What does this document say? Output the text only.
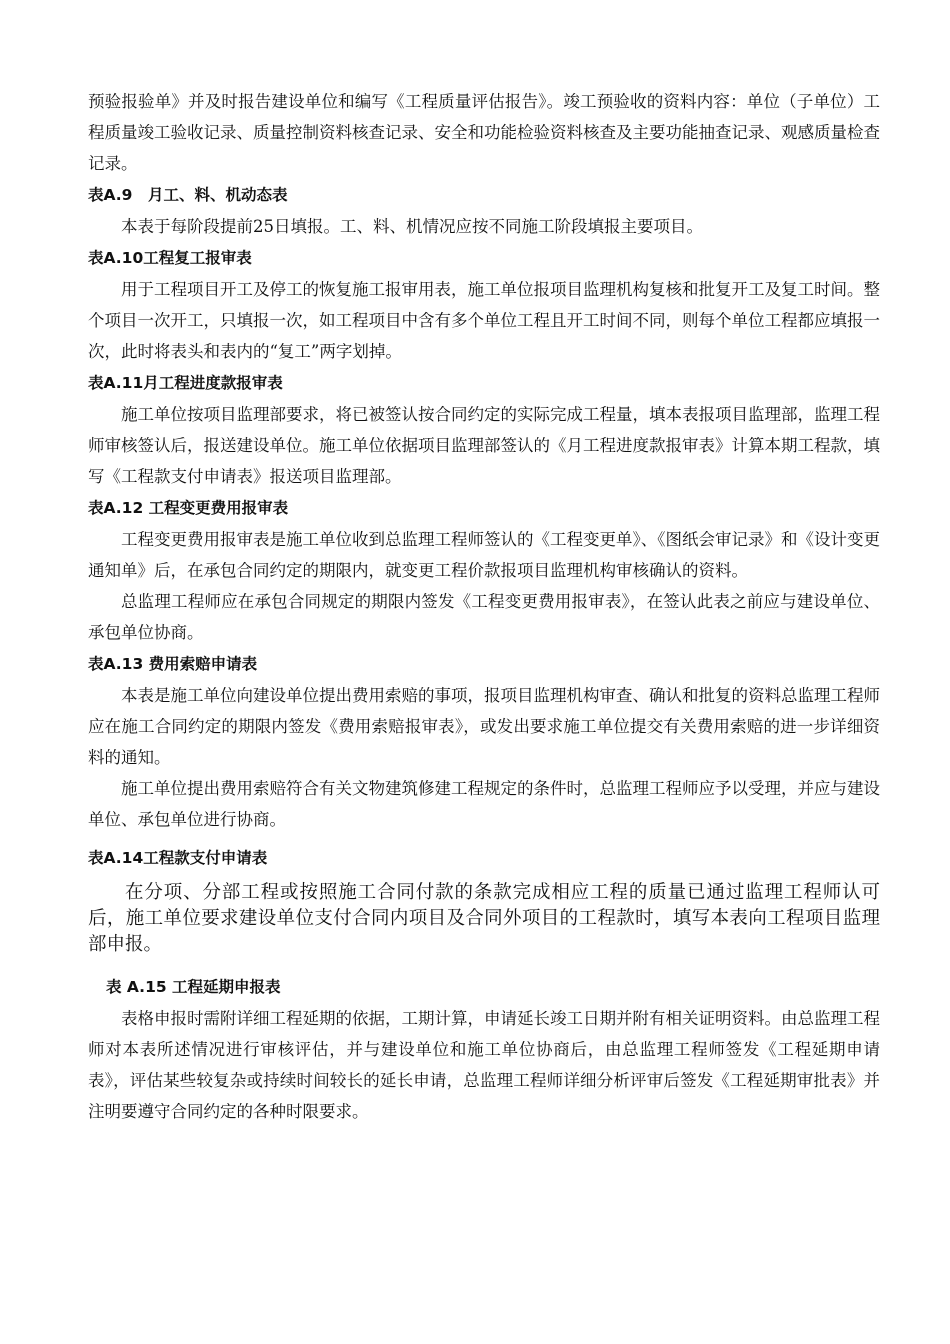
预验报验单》并及时报告建设单位和编写《工程质量评估报告》。竣工预验收的资料内容：单位（子单位）工程质量竣工验收记录、质量控制资料核查记录、安全和功能检验资料核查及主要功能抽查记录、观感质量检查记录。

表A.9　月工、料、机动态表

本表于每阶段提前25日填报。工、料、机情况应按不同施工阶段填报主要项目。

表A.10工程复工报审表

用于工程项目开工及停工的恢复施工报审用表，施工单位报项目监理机构复核和批复开工及复工时间。整个项目一次开工，只填报一次，如工程项目中含有多个单位工程且开工时间不同，则每个单位工程都应填报一次，此时将表头和表内的“复工”两字划掉。

表A.11月工程进度款报审表

施工单位按项目监理部要求，将已被签认按合同约定的实际完成工程量，填本表报项目监理部，监理工程师审核签认后，报送建设单位。施工单位依据项目监理部签认的《月工程进度款报审表》计算本期工程款，填写《工程款支付申请表》报送项目监理部。

表A.12 工程变更费用报审表

工程变更费用报审表是施工单位收到总监理工程师签认的《工程变更单》、《图纸会审记录》和《设计变更通知单》后，在承包合同约定的期限内，就变更工程价款报项目监理机构审核确认的资料。

总监理工程师应在承包合同规定的期限内签发《工程变更费用报审表》，在签认此表之前应与建设单位、承包单位协商。

表A.13 费用索赔申请表

本表是施工单位向建设单位提出费用索赔的事项，报项目监理机构审查、确认和批复的资料总监理工程师应在施工合同约定的期限内签发《费用索赔报审表》，或发出要求施工单位提交有关费用索赔的进一步详细资料的通知。

施工单位提出费用索赔符合有关文物建筑修建工程规定的条件时，总监理工程师应予以受理，并应与建设单位、承包单位进行协商。

表A.14工程款支付申请表

在分项、分部工程或按照施工合同付款的条款完成相应工程的质量已通过监理工程师认可后，施工单位要求建设单位支付合同内项目及合同外项目的工程款时，填写本表向工程项目监理部申报。

表 A.15 工程延期申报表

表格申报时需附详细工程延期的依据，工期计算，申请延长竣工日期并附有相关证明资料。由总监理工程师对本表所述情况进行审核评估，并与建设单位和施工单位协商后，由总监理工程师签发《工程延期申请表》，评估某些较复杂或持续时间较长的延长申请，总监理工程师详细分析评审后签发《工程延期审批表》并注明要遵守合同约定的各种时限要求。
